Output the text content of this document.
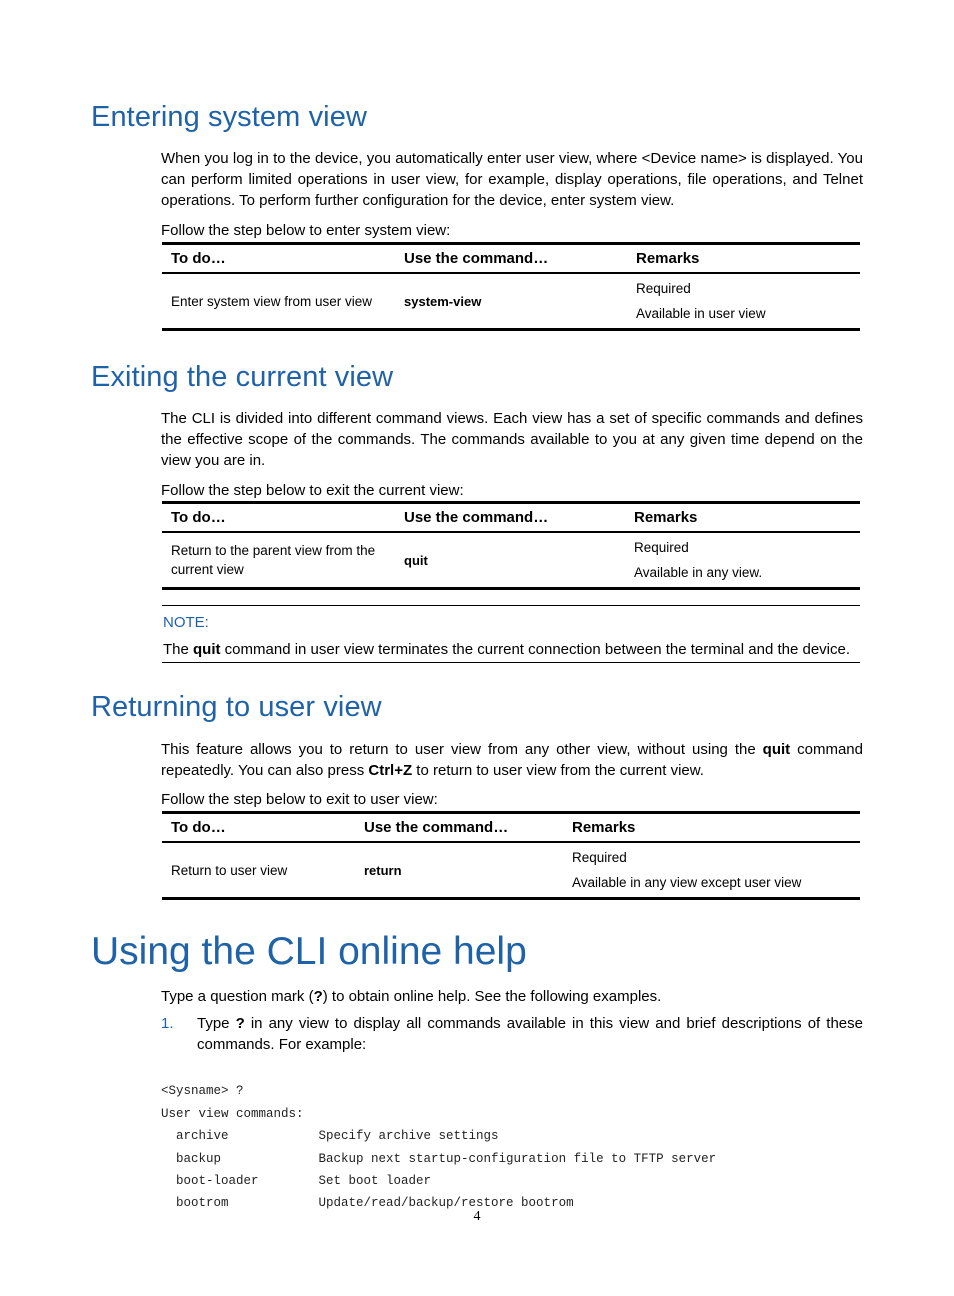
Entering system view

When you log in to the device, you automatically enter user view, where <Device name> is displayed. You can perform limited operations in user view, for example, display operations, file operations, and Telnet operations. To perform further configuration for the device, enter system view.

Follow the step below to enter system view:

To do…	Use the command…	Remarks
Enter system view from user view	system-view	Required
Available in user view
Exiting the current view

The CLI is divided into different command views. Each view has a set of specific commands and defines the effective scope of the commands. The commands available to you at any given time depend on the view you are in.

Follow the step below to exit the current view:

To do…	Use the command…	Remarks
Return to the parent view from the current view	quit	Required
Available in any view.
NOTE:
The quit command in user view terminates the current connection between the terminal and the device.
Returning to user view

This feature allows you to return to user view from any other view, without using the quit command repeatedly. You can also press Ctrl+Z to return to user view from the current view.

Follow the step below to exit to user view:

To do…	Use the command…	Remarks
Return to user view	return	Required
Available in any view except user view
Using the CLI online help

Type a question mark (?) to obtain online help. See the following examples.

1. Type ? in any view to display all commands available in this view and brief descriptions of these commands. For example:

<Sysname> ?
User view commands:
archive            Specify archive settings
backup             Backup next startup-configuration file to TFTP server
boot-loader        Set boot loader
bootrom            Update/read/backup/restore bootrom

4
